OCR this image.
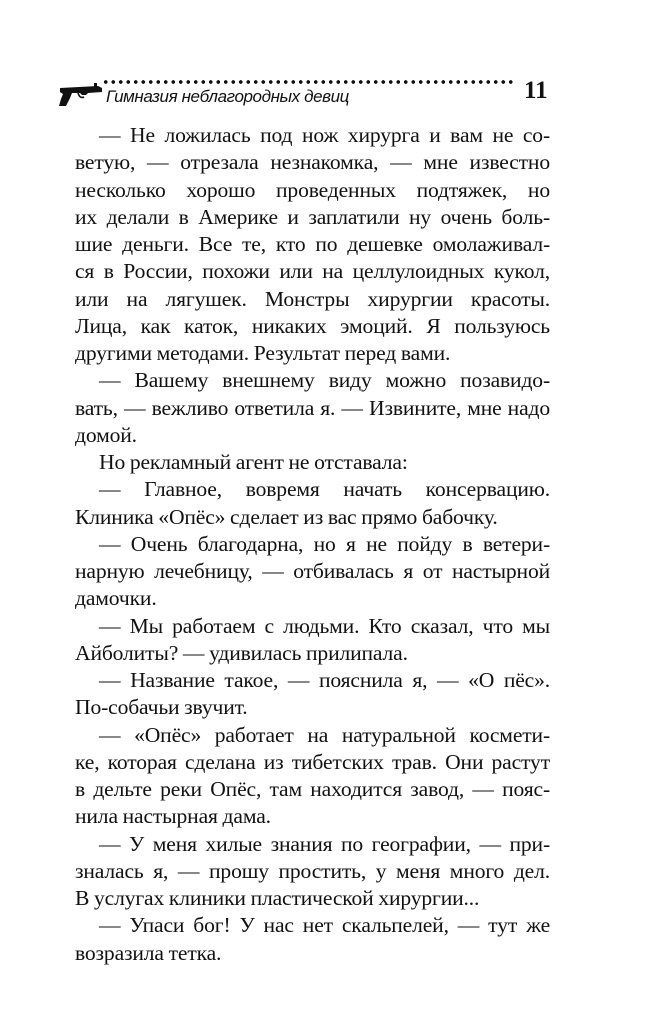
Гимназия неблагородных девиц	11

— Не ложилась под нож хирурга и вам не со-
ветую, — отрезала незнакомка, — мне известно
несколько хорошо проведенных подтяжек, но
их делали в Америке и заплатили ну очень боль-
шие деньги. Все те, кто по дешевке омолаживал-
ся в России, похожи или на целлулоидных кукол,
или на лягушек. Монстры хирургии красоты.
Лица, как каток, никаких эмоций. Я пользуюсь
другими методами. Результат перед вами.

— Вашему внешнему виду можно позавидо-
вать, — вежливо ответила я. — Извините, мне надо
домой.

Но рекламный агент не отставала:

— Главное, вовремя начать консервацию.
Клиника «Опёс» сделает из вас прямо бабочку.

— Очень благодарна, но я не пойду в ветери-
нарную лечебницу, — отбивалась я от настырной
дамочки.

— Мы работаем с людьми. Кто сказал, что мы
Айболиты? — удивилась прилипала.

— Название такое, — пояснила я, — «О пёс».
По-собачьи звучит.

— «Опёс» работает на натуральной космети-
ке, которая сделана из тибетских трав. Они растут
в дельте реки Опёс, там находится завод, — пояс-
нила настырная дама.

— У меня хилые знания по географии, — при-
зналась я, — прошу простить, у меня много дел.
В услугах клиники пластической хирургии...

— Упаси бог! У нас нет скальпелей, — тут же
возразила тетка.
